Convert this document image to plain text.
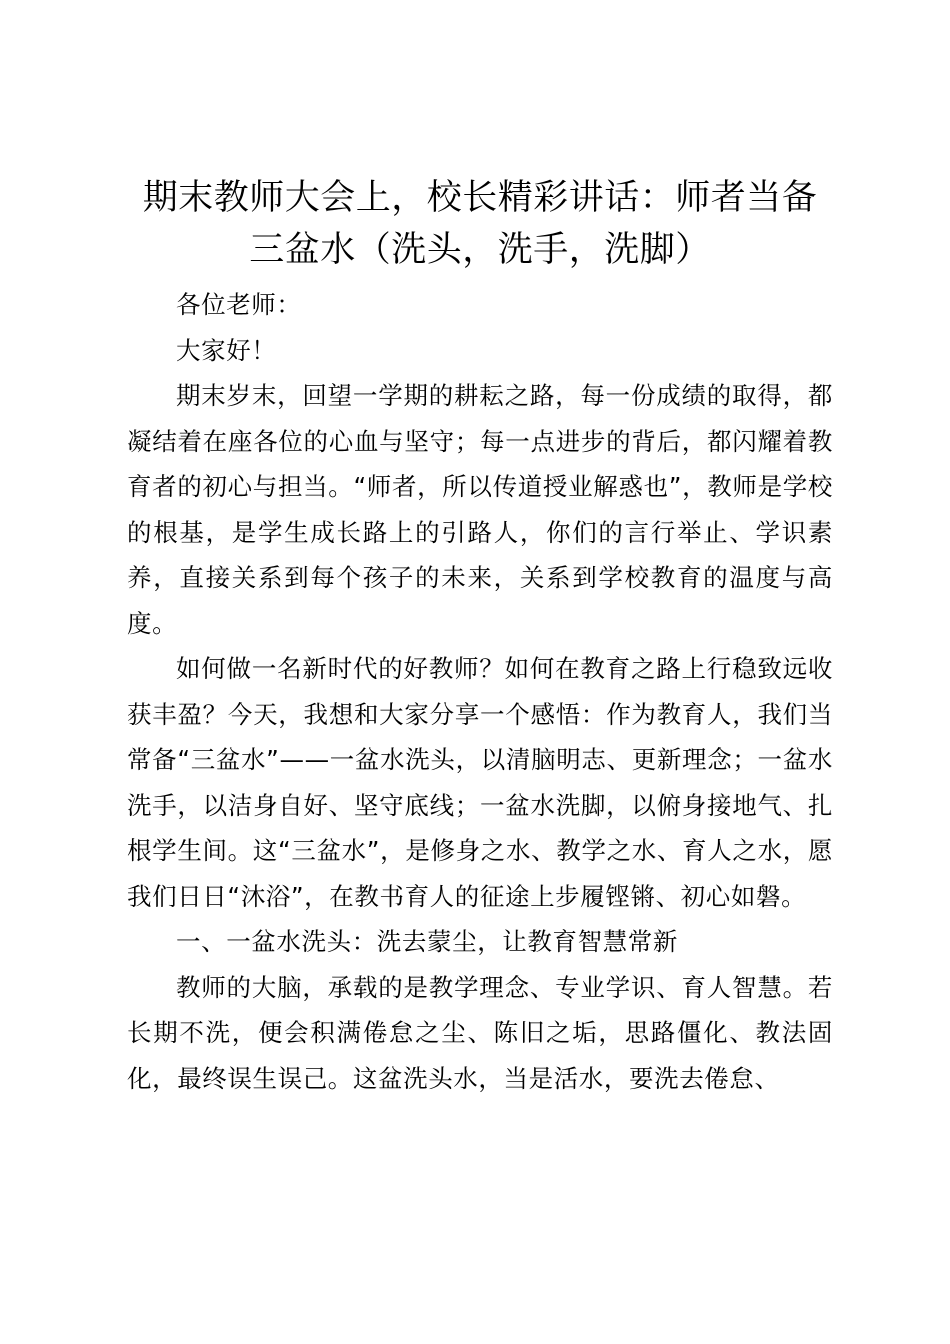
期末教师大会上，校长精彩讲话：师者当备三盆水（洗头，洗手，洗脚）

各位老师：

大家好！

期末岁末，回望一学期的耕耘之路，每一份成绩的取得，都凝结着在座各位的心血与坚守；每一点进步的背后，都闪耀着教育者的初心与担当。“师者，所以传道授业解惑也”，教师是学校的根基，是学生成长路上的引路人，你们的言行举止、学识素养，直接关系到每个孩子的未来，关系到学校教育的温度与高度。

如何做一名新时代的好教师？如何在教育之路上行稳致远收获丰盈？今天，我想和大家分享一个感悟：作为教育人，我们当常备“三盆水”——一盆水洗头，以清脑明志、更新理念；一盆水洗手，以洁身自好、坚守底线；一盆水洗脚，以俯身接地气、扎根学生间。这“三盆水”，是修身之水、教学之水、育人之水，愿我们日日“沐浴”，在教书育人的征途上步履铿锵、初心如磐。

一、一盆水洗头：洗去蒙尘，让教育智慧常新

教师的大脑，承载的是教学理念、专业学识、育人智慧。若长期不洗，便会积满倦怠之尘、陈旧之垢，思路僵化、教法固化，最终误生误己。这盆洗头水，当是活水，要洗去倦怠、
